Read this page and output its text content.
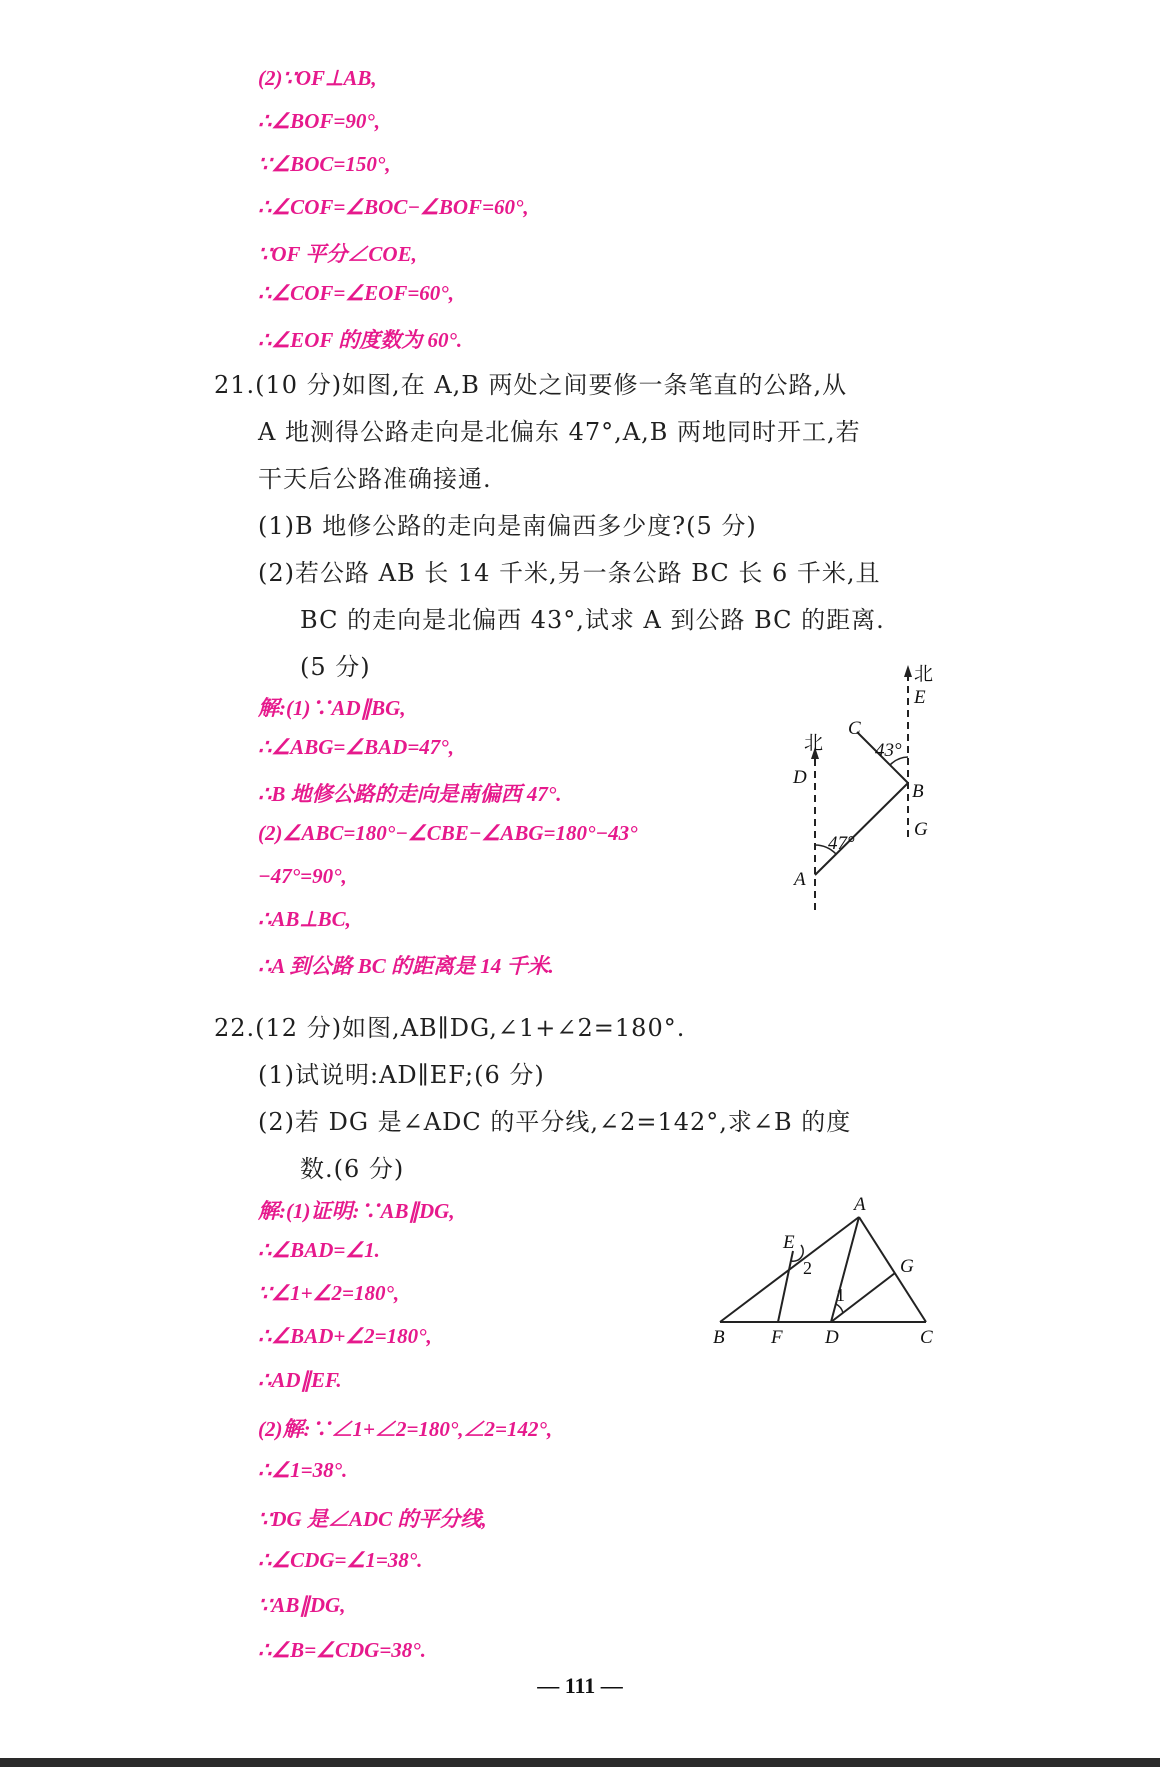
(2)∵OF⊥AB,
∴∠BOF=90°,
∵∠BOC=150°,
∴∠COF=∠BOC−∠BOF=60°,
∵OF 平分∠COE,
∴∠COF=∠EOF=60°,
∴∠EOF 的度数为 60°.
21.(10 分)如图,在 A,B 两处之间要修一条笔直的公路,从
A 地测得公路走向是北偏东 47°,A,B 两地同时开工,若
干天后公路准确接通.
(1)B 地修公路的走向是南偏西多少度?(5 分)
(2)若公路 AB 长 14 千米,另一条公路 BC 长 6 千米,且
BC 的走向是北偏西 43°,试求 A 到公路 BC 的距离.
(5 分)
解:(1)∵AD∥BG,
∴∠ABG=∠BAD=47°,
∴B 地修公路的走向是南偏西 47°.
(2)∠ABC=180°−∠CBE−∠ABG=180°−43°
−47°=90°,
∴AB⊥BC,
∴A 到公路 BC 的距离是 14 千米.
47°
43°
A
B
C
D
E
G
北
北
22.(12 分)如图,AB∥DG,∠1+∠2=180°.
(1)试说明:AD∥EF;(6 分)
(2)若 DG 是∠ADC 的平分线,∠2=142°,求∠B 的度
数.(6 分)
解:(1)证明:∵AB∥DG,
∴∠BAD=∠1.
∵∠1+∠2=180°,
∴∠BAD+∠2=180°,
∴AD∥EF.
(2)解:∵∠1+∠2=180°,∠2=142°,
∴∠1=38°.
∵DG 是∠ADC 的平分线,
∴∠CDG=∠1=38°.
∵AB∥DG,
∴∠B=∠CDG=38°.
A
B	C
D
E
F
G
1
2
— 111 —
